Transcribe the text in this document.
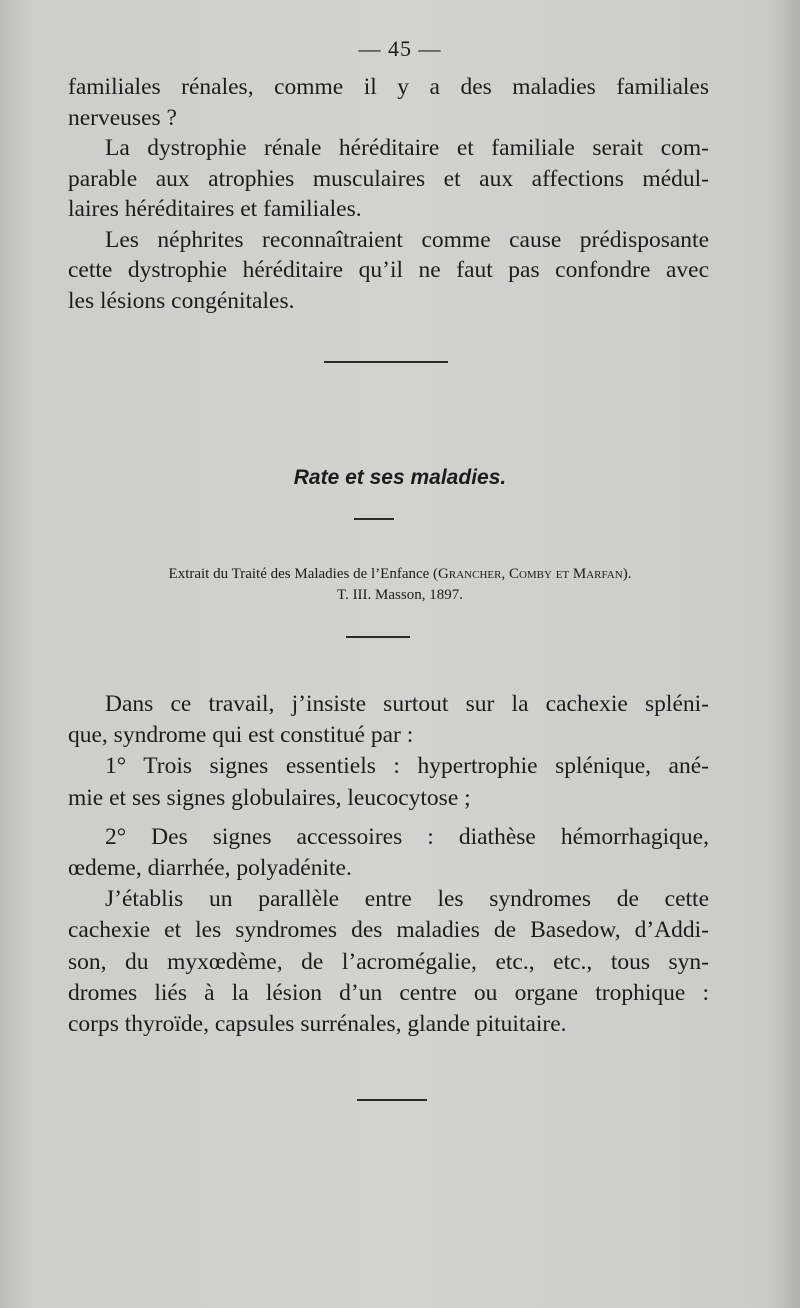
— 45 —
familiales rénales, comme il y a des maladies familiales
nerveuses ?
La dystrophie rénale héréditaire et familiale serait com-
parable aux atrophies musculaires et aux affections médul-
laires héréditaires et familiales.
Les néphrites reconnaîtraient comme cause prédisposante
cette dystrophie héréditaire qu’il ne faut pas confondre avec
les lésions congénitales.
Rate et ses maladies.
Extrait du Traité des Maladies de l’Enfance (Grancher, Comby et Marfan).
T. III. Masson, 1897.
Dans ce travail, j’insiste surtout sur la cachexie spléni-
que, syndrome qui est constitué par :
1° Trois signes essentiels : hypertrophie splénique, ané-
mie et ses signes globulaires, leucocytose ;
2° Des signes accessoires : diathèse hémorrhagique,
œdeme, diarrhée, polyadénite.
J’établis un parallèle entre les syndromes de cette
cachexie et les syndromes des maladies de Basedow, d’Addi-
son, du myxœdème, de l’acromégalie, etc., etc., tous syn-
dromes liés à la lésion d’un centre ou organe trophique :
corps thyroïde, capsules surrénales, glande pituitaire.
